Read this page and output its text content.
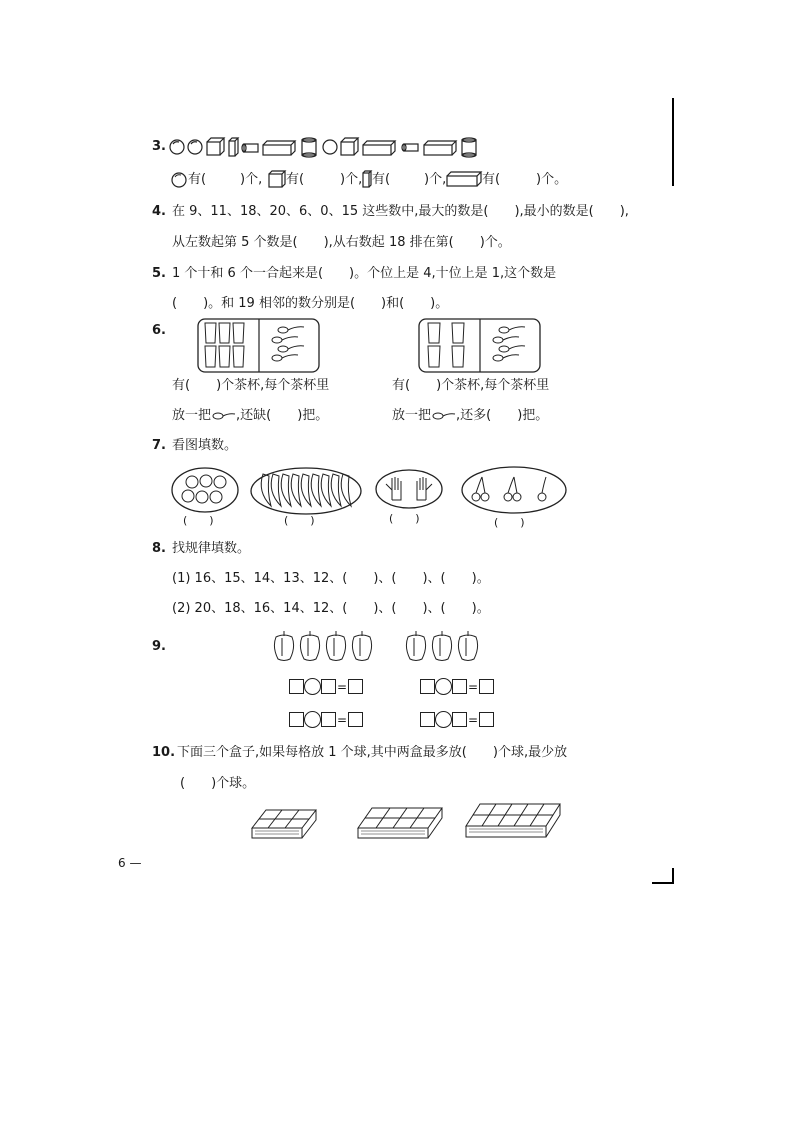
3.
有(	)个, 有(	)个, 有(	)个,	有(	)个。
4. 在 9、11、18、20、6、0、15 这些数中,最大的数是(　　),最小的数是(　　),
从左数起第 5 个数是(　　),从右数起 18 排在第(　　)个。
5. 1 个十和 6 个一合起来是(　　)。个位上是 4,十位上是 1,这个数是
(　　)。和 19 相邻的数分别是(　　)和(　　)。
6.
有(　　)个茶杯,每个茶杯里
放一把 ,还缺(　　)把。
有(　　)个茶杯,每个茶杯里
放一把 ,还多(　　)把。
7. 看图填数。
(　　)	(　　)	(　　)	(　　)
8. 找规律填数。
(1) 16、15、14、13、12、(　　)、(　　)、(　　)。
(2) 20、18、16、14、12、(　　)、(　　)、(　　)。
9.
=	=
=	=
10. 下面三个盒子,如果每格放 1 个球,其中两盒最多放(　　)个球,最少放
(　　)个球。
6 —
